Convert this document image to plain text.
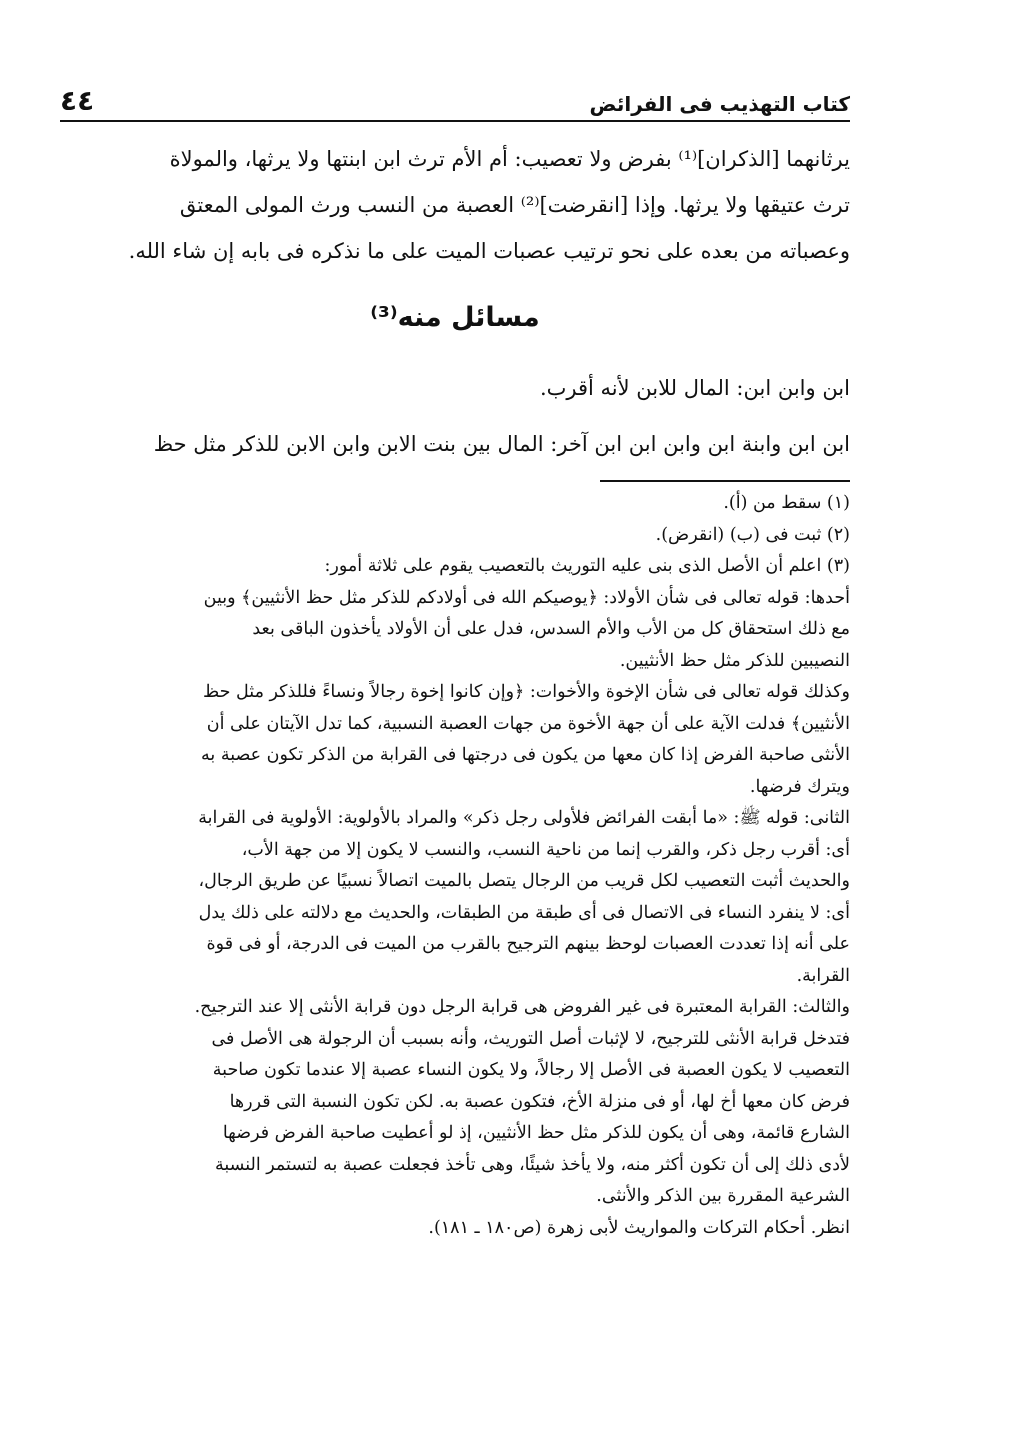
كتاب التهذيب فى الفرائض
٤٤

يرثانهما [الذكران]⁽¹⁾ بفرض ولا تعصيب: أم الأم ترث ابن ابنتها ولا يرثها، والمولاة

ترث عتيقها ولا يرثها. وإذا [انقرضت]⁽²⁾ العصبة من النسب ورث المولى المعتق

وعصباته من بعده على نحو ترتيب عصبات الميت على ما نذكره فى بابه إن شاء الله.

مسائل منه⁽³⁾

ابن وابن ابن: المال للابن لأنه أقرب.

ابن ابن وابنة ابن وابن ابن ابن آخر: المال بين بنت الابن وابن الابن للذكر مثل حظ

(١) سقط من (أ).

(٢) ثبت فى (ب) (انقرض).

(٣) اعلم أن الأصل الذى بنى عليه التوريث بالتعصيب يقوم على ثلاثة أمور:

أحدها: قوله تعالى فى شأن الأولاد: ﴿يوصيكم الله فى أولادكم للذكر مثل حظ الأنثيين﴾ وبين

مع ذلك استحقاق كل من الأب والأم السدس، فدل على أن الأولاد يأخذون الباقى بعد

النصيبين للذكر مثل حظ الأنثيين.

وكذلك قوله تعالى فى شأن الإخوة والأخوات: ﴿وإن كانوا إخوة رجالاً ونساءً فللذكر مثل حظ

الأنثيين﴾ فدلت الآية على أن جهة الأخوة من جهات العصبة النسبية، كما تدل الآيتان على أن

الأنثى صاحبة الفرض إذا كان معها من يكون فى درجتها فى القرابة من الذكر تكون عصبة به

ويترك فرضها.

الثانى: قوله ﷺ: «ما أبقت الفرائض فلأولى رجل ذكر» والمراد بالأولوية: الأولوية فى القرابة

أى: أقرب رجل ذكر، والقرب إنما من ناحية النسب، والنسب لا يكون إلا من جهة الأب،

والحديث أثبت التعصيب لكل قريب من الرجال يتصل بالميت اتصالاً نسبيًا عن طريق الرجال،

أى: لا ينفرد النساء فى الاتصال فى أى طبقة من الطبقات، والحديث مع دلالته على ذلك يدل

على أنه إذا تعددت العصبات لوحظ بينهم الترجيح بالقرب من الميت فى الدرجة، أو فى قوة

القرابة.

والثالث: القرابة المعتبرة فى غير الفروض هى قرابة الرجل دون قرابة الأنثى إلا عند الترجيح.

فتدخل قرابة الأنثى للترجيح، لا لإثبات أصل التوريث، وأنه بسبب أن الرجولة هى الأصل فى

التعصيب لا يكون العصبة فى الأصل إلا رجالاً، ولا يكون النساء عصبة إلا عندما تكون صاحبة

فرض كان معها أخ لها، أو فى منزلة الأخ، فتكون عصبة به. لكن تكون النسبة التى قررها

الشارع قائمة، وهى أن يكون للذكر مثل حظ الأنثيين، إذ لو أعطيت صاحبة الفرض فرضها

لأدى ذلك إلى أن تكون أكثر منه، ولا يأخذ شيئًا، وهى تأخذ فجعلت عصبة به لتستمر النسبة

الشرعية المقررة بين الذكر والأنثى.

انظر. أحكام التركات والمواريث لأبى زهرة (ص١٨٠ ـ ١٨١).
